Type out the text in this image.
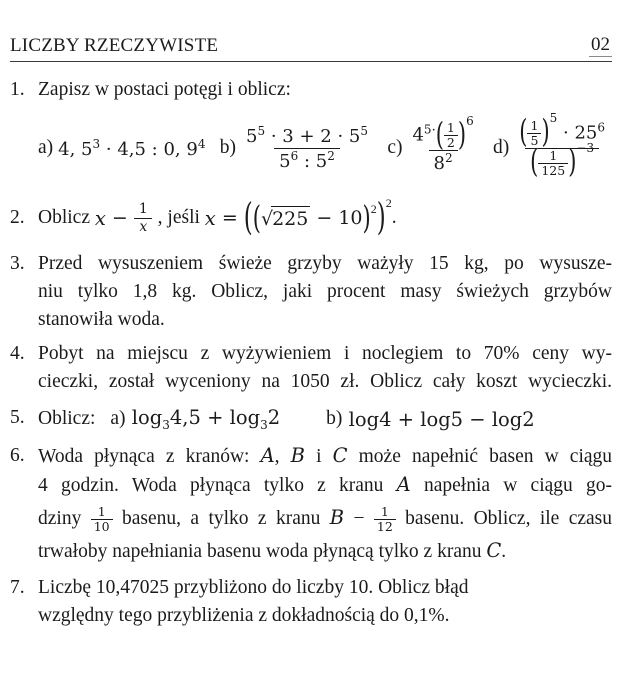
LICZBY RZECZYWISTE	02
1. Zapisz w postaci potęgi i oblicz:
a) 4, $5^3 \cdot 4,5$ : 0, $9^4$ $b) \frac{5^5 \cdot 3 + 2 \cdot 5^5}{5^6 : 5^2} c) \frac{4^{5\cdot}( \frac{1}{2} )^6}{8^2} d) \frac{( \frac{1}{5} )^5 \cdot 25^6}{( \frac{1}{125} )^{-3}}$
2. Oblicz $x - \frac{1}{x}$ , jeśli x = ( ( √225 − 10 )$^2$ )$^2$
.
3. Przed wysuszeniem świeże grzyby ważyły 15 kg, po wysusze-
niu tylko 1,8 kg. Oblicz, jaki procent masy świeżych grzybów
stanowiła woda.
4. Pobyt na miejscu z wyżywieniem i noclegiem to 70% ceny wy-
cieczki, został wyceniony na 1050 zł. Oblicz cały koszt wycieczki.
5. Oblicz: a) $\log_34,5 + \log_32$ b) log4 + log5 − log2
6. Woda płynąca z kranów: A, B i C może napełnić basen w ciągu
4 godzin. Woda płynąca tylko z kranu A napełnia w ciągu go-
dziny $\frac{1}{10}$ basenu, a tylko z kranu $B - \frac{1}{12}$ basenu. Oblicz, ile czasu
trwałoby napełniania basenu woda płynącą tylko z kranu C.
7. Liczbę 10,47025 przybliżono do liczby 10. Oblicz błąd
względny tego przybliżenia z dokładnością do 0,1%.
